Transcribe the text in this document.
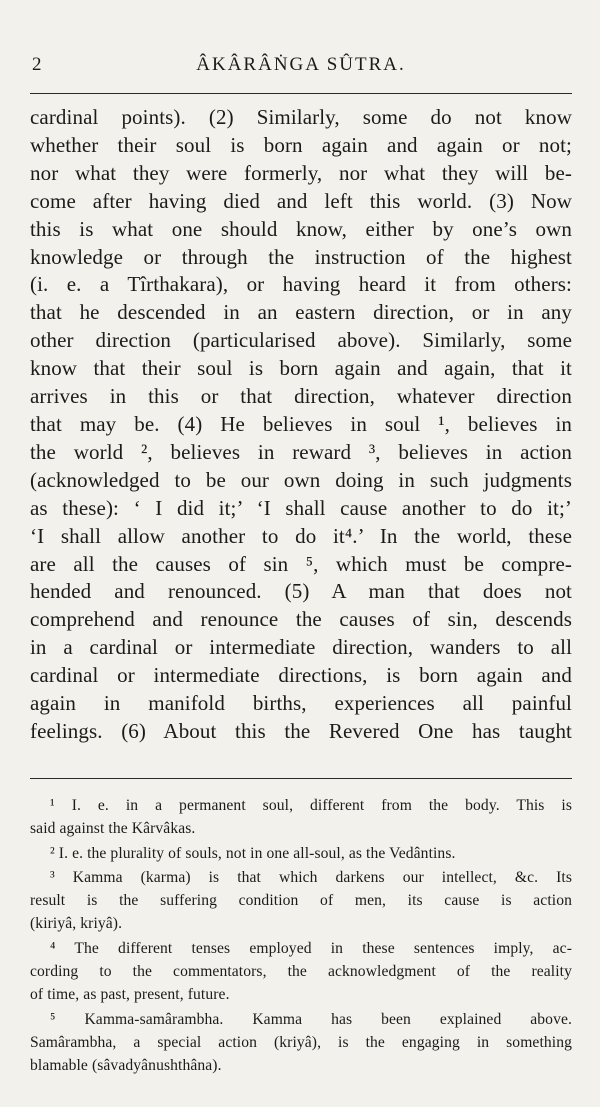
2	ÂKÂRÂṄGA SÛTRA.
cardinal points). (2) Similarly, some do not know
whether their soul is born again and again or not;
nor what they were formerly, nor what they will be-
come after having died and left this world. (3) Now
this is what one should know, either by one’s own
knowledge or through the instruction of the highest
(i. e. a Tîrthakara), or having heard it from others:
that he descended in an eastern direction, or in any
other direction (particularised above). Similarly, some
know that their soul is born again and again, that it
arrives in this or that direction, whatever direction
that may be. (4) He believes in soul ¹, believes in
the world ², believes in reward ³, believes in action
(acknowledged to be our own doing in such judgments
as these): ‘ I did it;’ ‘I shall cause another to do it;’
‘I shall allow another to do it⁴.’ In the world, these
are all the causes of sin ⁵, which must be compre-
hended and renounced. (5) A man that does not
comprehend and renounce the causes of sin, descends
in a cardinal or intermediate direction, wanders to all
cardinal or intermediate directions, is born again and
again in manifold births, experiences all painful
feelings. (6) About this the Revered One has taught
¹ I. e. in a permanent soul, different from the body. This is
said against the Kârvâkas.
² I. e. the plurality of souls, not in one all-soul, as the Vedântins.
³ Kamma (karma) is that which darkens our intellect, &c. Its
result is the suffering condition of men, its cause is action
(kiriyâ, kriyâ).
⁴ The different tenses employed in these sentences imply, ac-
cording to the commentators, the acknowledgment of the reality
of time, as past, present, future.
⁵ Kamma-samârambha. Kamma has been explained above.
Samârambha, a special action (kriyâ), is the engaging in something
blamable (sâvadyânushthâna).
